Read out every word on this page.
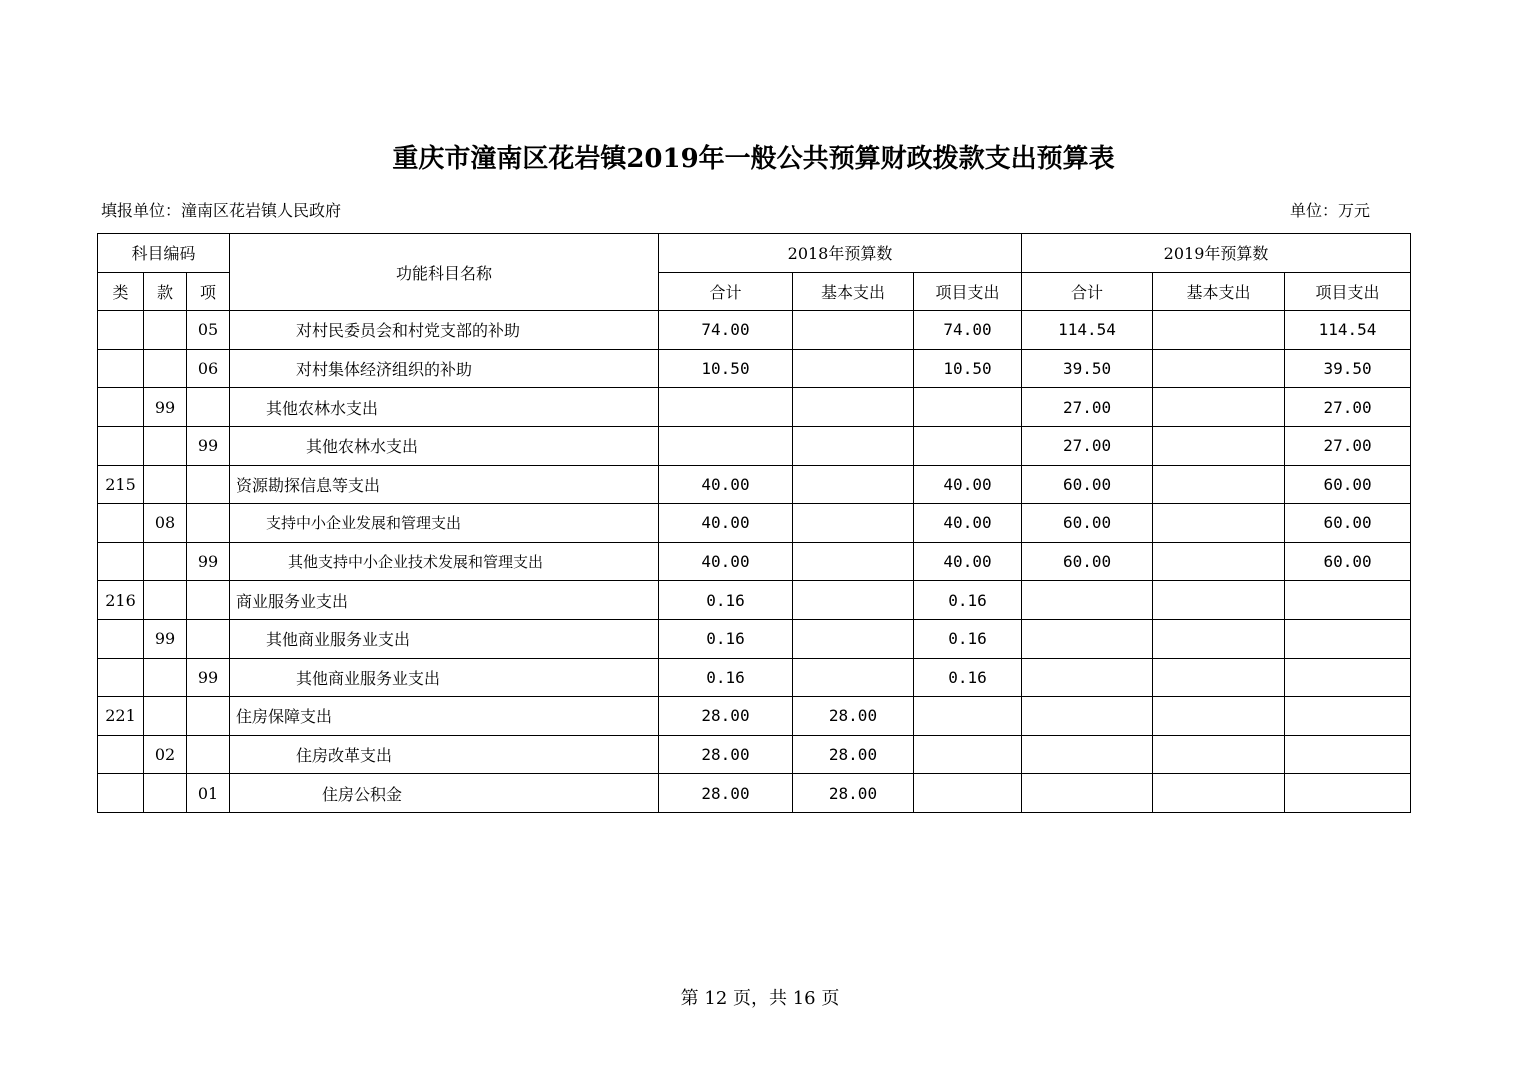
重庆市潼南区花岩镇2019年一般公共预算财政拨款支出预算表
填报单位：潼南区花岩镇人民政府	单位：万元
科目编码			功能科目名称	2018年预算数			2019年预算数		
类	款	项		合计	基本支出	项目支出	合计	基本支出	项目支出
		05	对村民委员会和村党支部的补助	74.00		74.00	114.54		114.54
		06	对村集体经济组织的补助	10.50		10.50	39.50		39.50
	99		其他农林水支出				27.00		27.00
		99	其他农林水支出				27.00		27.00
215			资源勘探信息等支出	40.00		40.00	60.00		60.00
	08		支持中小企业发展和管理支出	40.00		40.00	60.00		60.00
		99	其他支持中小企业技术发展和管理支出	40.00		40.00	60.00		60.00
216			商业服务业支出	0.16		0.16			
	99		其他商业服务业支出	0.16		0.16			
		99	其他商业服务业支出	0.16		0.16			
221			住房保障支出	28.00	28.00				
	02		住房改革支出	28.00	28.00				
		01	住房公积金	28.00	28.00				
第 12 页，共 16 页
